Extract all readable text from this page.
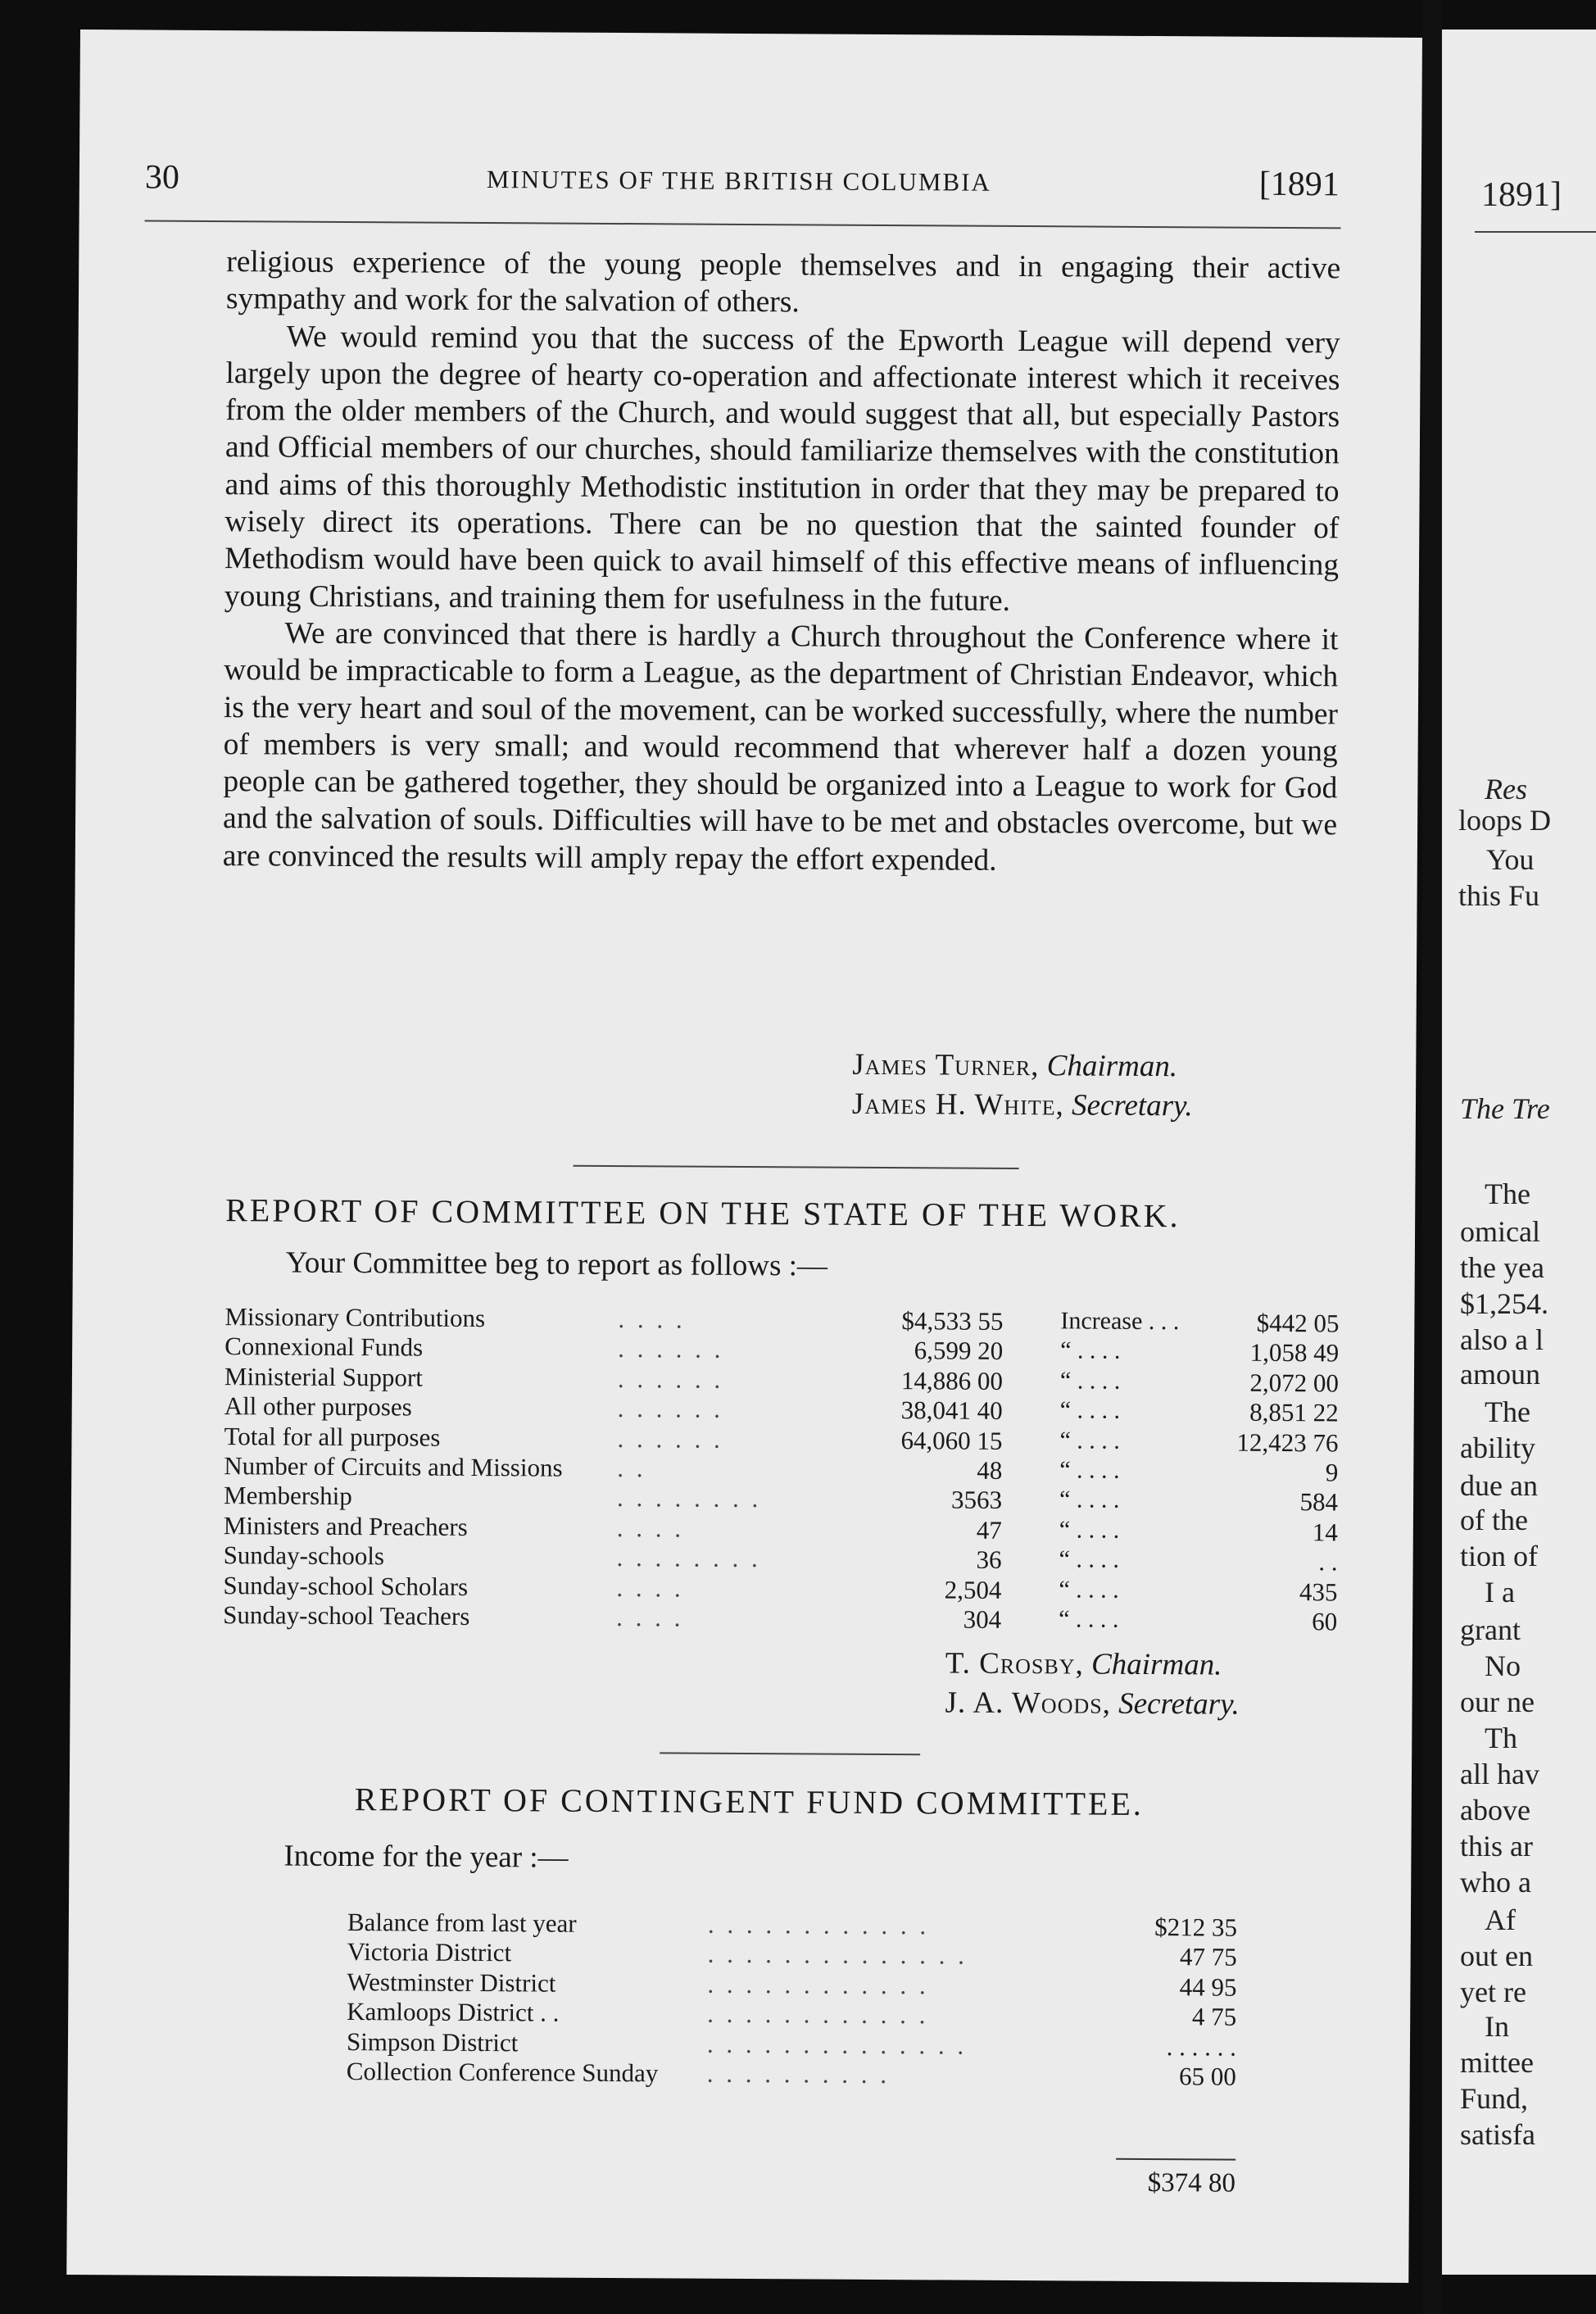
1891]
Res
loops D
You
this Fu
The Tre
The
omical
the yea
$1,254.
also a l
amoun
The
ability
due an
of the
tion of
I a
grant
No
our ne
Th
all hav
above
this ar
who a
Af
out en
yet re
In
mittee
Fund,
satisfa
30	MINUTES OF THE BRITISH COLUMBIA	[1891

religious experience of the young people themselves and in engaging their active sympathy and work for the salvation of others.

We would remind you that the success of the Epworth League will depend very largely upon the degree of hearty co-operation and affectionate interest which it receives from the older members of the Church, and would suggest that all, but especially Pastors and Official members of our churches, should familiarize themselves with the constitution and aims of this thoroughly Methodistic institution in order that they may be prepared to wisely direct its operations. There can be no question that the sainted founder of Methodism would have been quick to avail himself of this effective means of influencing young Christians, and training them for usefulness in the future.

We are convinced that there is hardly a Church throughout the Conference where it would be impracticable to form a League, as the department of Christian Endeavor, which is the very heart and soul of the movement, can be worked successfully, where the number of members is very small; and would recommend that wherever half a dozen young people can be gathered together, they should be organized into a League to work for God and the salvation of souls. Difficulties will have to be met and obstacles overcome, but we are convinced the results will amply repay the effort expended.

James Turner, Chairman.
James H. White, Secretary.
REPORT OF COMMITTEE ON THE STATE OF THE WORK.
Your Committee beg to report as follows :—
Missionary Contributions	. . . .	$4,533 55 Increase . . .	$442 05
Connexional Funds	. . . . . .	6,599 20 “ . . . .	1,058 49
Ministerial Support	. . . . . .	14,886 00 “ . . . .	2,072 00
All other purposes	. . . . . .	38,041 40 “ . . . .	8,851 22
Total for all purposes	. . . . . .	64,060 15 “ . . . .	12,423 76
Number of Circuits and Missions . .	48 “ . . . .	9
Membership	. . . . . . . .	3563 “ . . . .	584
Ministers and Preachers	. . . .	47 “ . . . .	14
Sunday-schools	. . . . . . . .	36 “ . . . .	. .
Sunday-school Scholars	. . . .	2,504 “ . . . .	435
Sunday-school Teachers	. . . .	304 “ . . . .	60
T. Crosby, Chairman.
J. A. Woods, Secretary.
REPORT OF CONTINGENT FUND COMMITTEE.
Income for the year :—
Balance from last year	. . . . . . . . . . . .	$212 35
Victoria District	. . . . . . . . . . . . . .	47 75
Westminster District	. . . . . . . . . . . .	44 95
Kamloops District . .	. . . . . . . . . . . .	4 75
Simpson District	. . . . . . . . . . . . . .	. . . . . .
Collection Conference Sunday . . . . . . . . . .	65 00
$374 80
